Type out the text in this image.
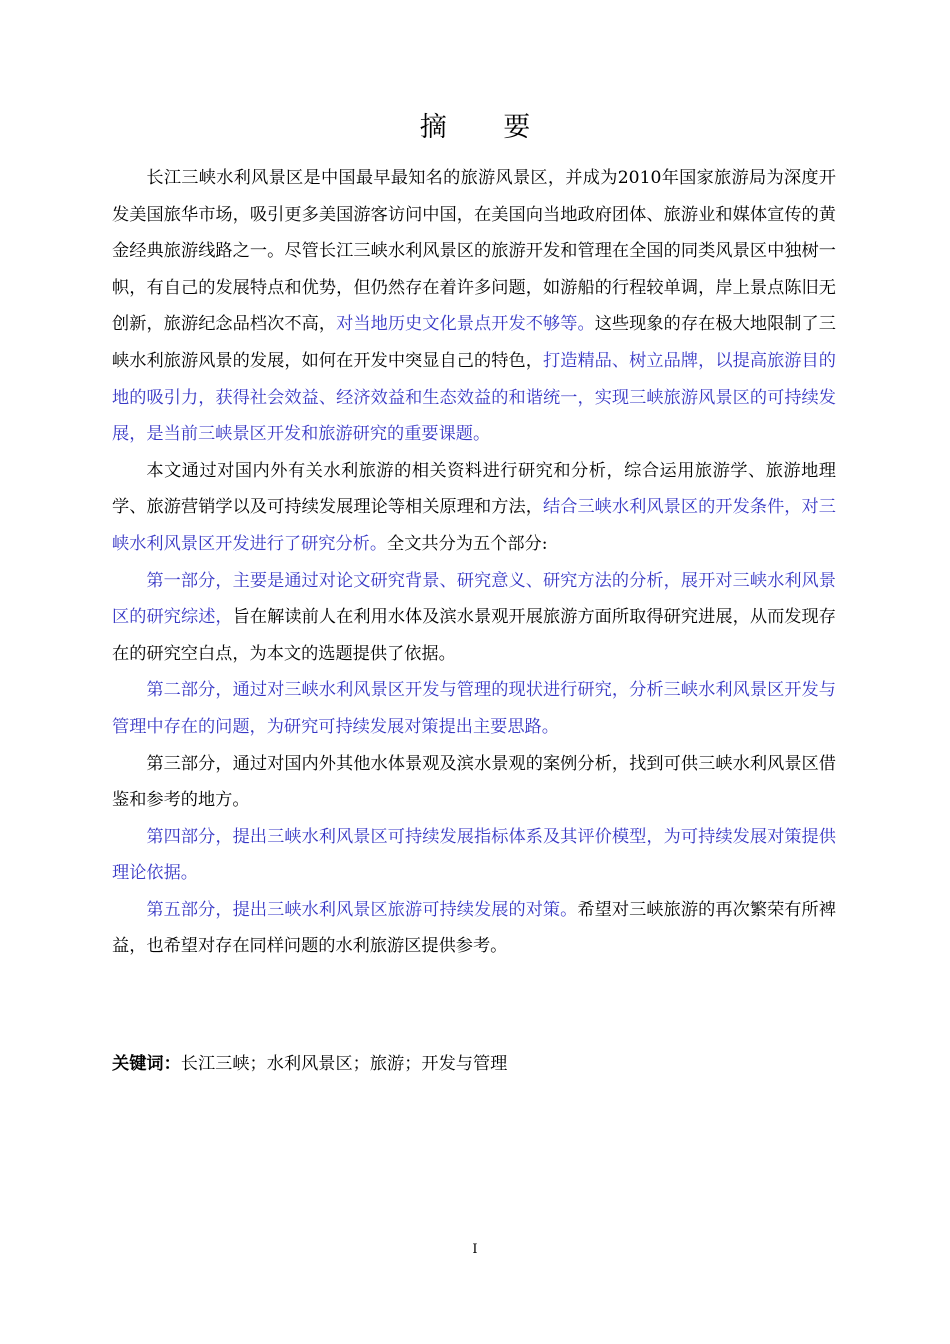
摘 要

长江三峡水利风景区是中国最早最知名的旅游风景区，并成为2010年国家旅游局为深度开发美国旅华市场，吸引更多美国游客访问中国，在美国向当地政府团体、旅游业和媒体宣传的黄金经典旅游线路之一。尽管长江三峡水利风景区的旅游开发和管理在全国的同类风景区中独树一帜，有自己的发展特点和优势，但仍然存在着许多问题，如游船的行程较单调，岸上景点陈旧无创新，旅游纪念品档次不高，对当地历史文化景点开发不够等。这些现象的存在极大地限制了三峡水利旅游风景的发展，如何在开发中突显自己的特色，打造精品、树立品牌，以提高旅游目的地的吸引力，获得社会效益、经济效益和生态效益的和谐统一，实现三峡旅游风景区的可持续发展，是当前三峡景区开发和旅游研究的重要课题。

本文通过对国内外有关水利旅游的相关资料进行研究和分析，综合运用旅游学、旅游地理学、旅游营销学以及可持续发展理论等相关原理和方法，结合三峡水利风景区的开发条件，对三峡水利风景区开发进行了研究分析。全文共分为五个部分:

第一部分，主要是通过对论文研究背景、研究意义、研究方法的分析，展开对三峡水利风景区的研究综述，旨在解读前人在利用水体及滨水景观开展旅游方面所取得研究进展，从而发现存在的研究空白点，为本文的选题提供了依据。

第二部分，通过对三峡水利风景区开发与管理的现状进行研究，分析三峡水利风景区开发与管理中存在的问题，为研究可持续发展对策提出主要思路。

第三部分，通过对国内外其他水体景观及滨水景观的案例分析，找到可供三峡水利风景区借鉴和参考的地方。

第四部分，提出三峡水利风景区可持续发展指标体系及其评价模型，为可持续发展对策提供理论依据。

第五部分，提出三峡水利风景区旅游可持续发展的对策。希望对三峡旅游的再次繁荣有所裨益，也希望对存在同样问题的水利旅游区提供参考。

关键词：长江三峡；水利风景区；旅游；开发与管理
I
